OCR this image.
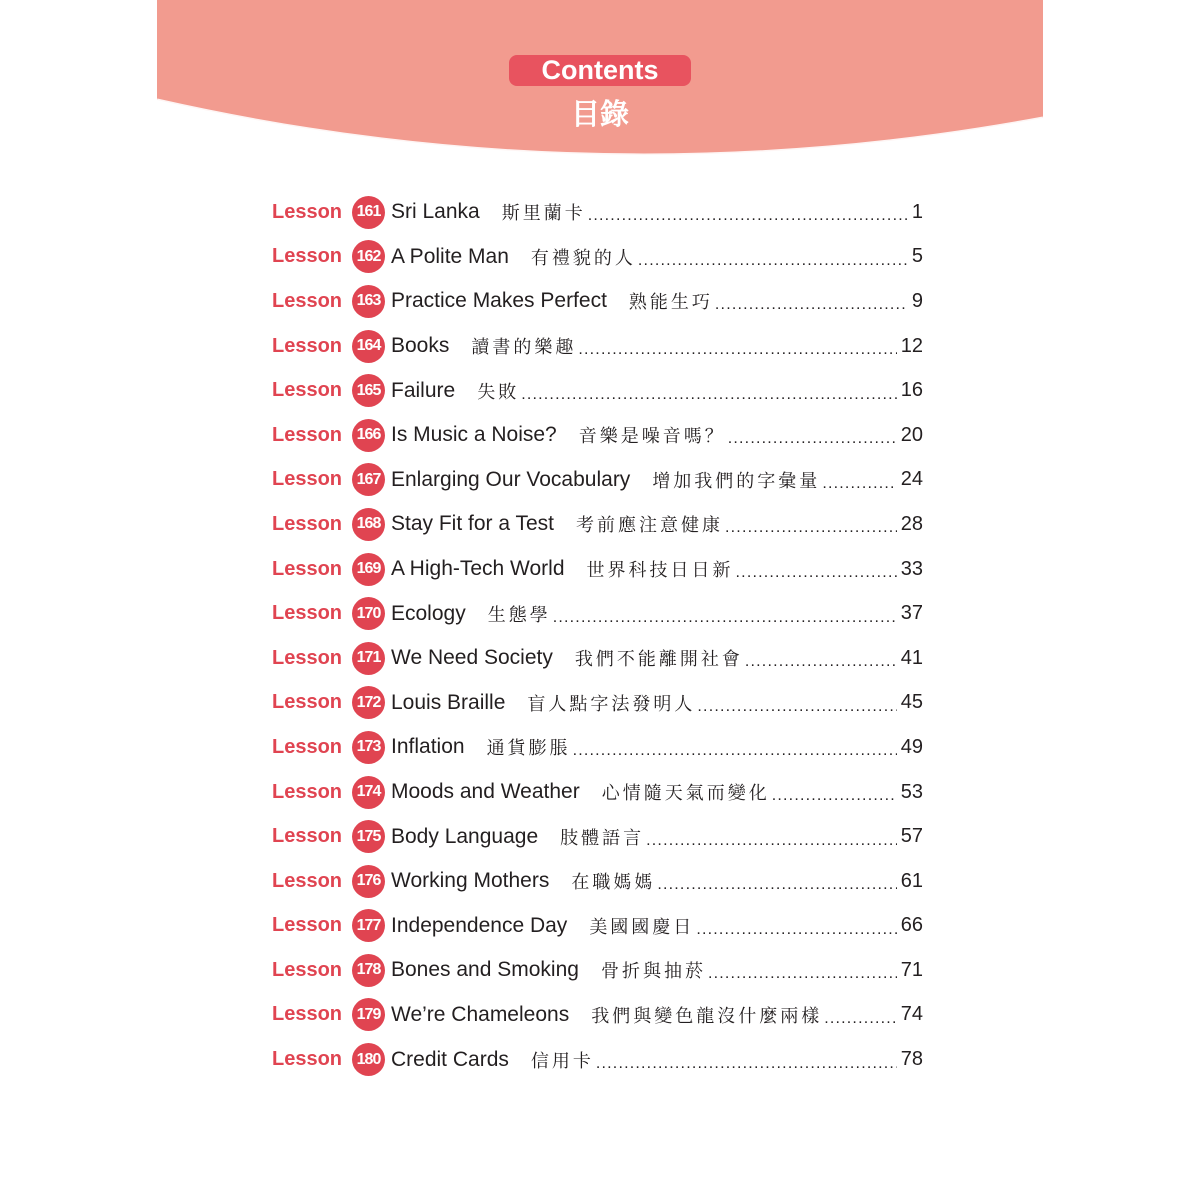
Contents
目錄
Lesson 161 Sri Lanka 斯里蘭卡 .....	1
Lesson 162 A Polite Man 有禮貌的人 .....	5
Lesson 163 Practice Makes Perfect 熟能生巧 .....	9
Lesson 164 Books 讀書的樂趣 .....	12
Lesson 165 Failure 失敗 .....	16
Lesson 166 Is Music a Noise? 音樂是噪音嗎？ .....	20
Lesson 167 Enlarging Our Vocabulary 增加我們的字彙量 .....	24
Lesson 168 Stay Fit for a Test 考前應注意健康 .....	28
Lesson 169 A High-Tech World 世界科技日日新 .....	33
Lesson 170 Ecology 生態學 .....	37
Lesson 171 We Need Society 我們不能離開社會 .....	41
Lesson 172 Louis Braille 盲人點字法發明人 .....	45
Lesson 173 Inflation 通貨膨脹 .....	49
Lesson 174 Moods and Weather 心情隨天氣而變化 .....	53
Lesson 175 Body Language 肢體語言 .....	57
Lesson 176 Working Mothers 在職媽媽 .....	61
Lesson 177 Independence Day 美國國慶日 .....	66
Lesson 178 Bones and Smoking 骨折與抽菸 .....	71
Lesson 179 We’re Chameleons 我們與變色龍沒什麼兩樣 .....	74
Lesson 180 Credit Cards 信用卡 .....	78
